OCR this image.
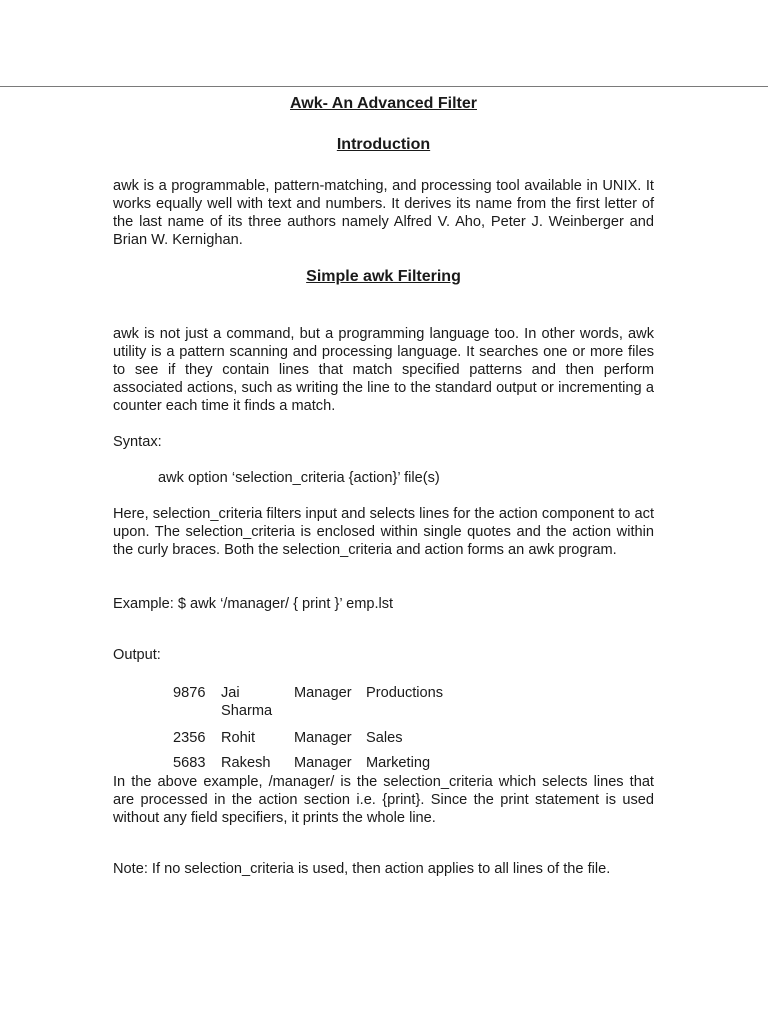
Awk- An Advanced Filter
Introduction
awk is a programmable, pattern-matching, and processing tool available in UNIX. It works equally well with text and numbers. It derives its name from the first letter of the last name of its three authors namely Alfred V. Aho, Peter J. Weinberger and Brian W. Kernighan.
Simple awk Filtering
awk is not just a command, but a programming language too. In other words, awk utility is a pattern scanning and processing language. It searches one or more files to see if they contain lines that match specified patterns and then perform associated actions, such as writing the line to the standard output or incrementing a counter each time it finds a match.
Syntax:
awk option ‘selection_criteria {action}’ file(s)
Here, selection_criteria filters input and selects lines for the action component to act upon. The selection_criteria is enclosed within single quotes and the action within the curly braces. Both the selection_criteria and action forms an awk program.
Example: $ awk ‘/manager/ { print }’ emp.lst
Output:
9876	Jai Sharma	Manager	Productions
2356	Rohit	Manager	Sales
5683	Rakesh	Manager	Marketing
In the above example, /manager/ is the selection_criteria which selects lines that are processed in the action section i.e. {print}. Since the print statement is used without any field specifiers, it prints the whole line.
Note: If no selection_criteria is used, then action applies to all lines of the file.
